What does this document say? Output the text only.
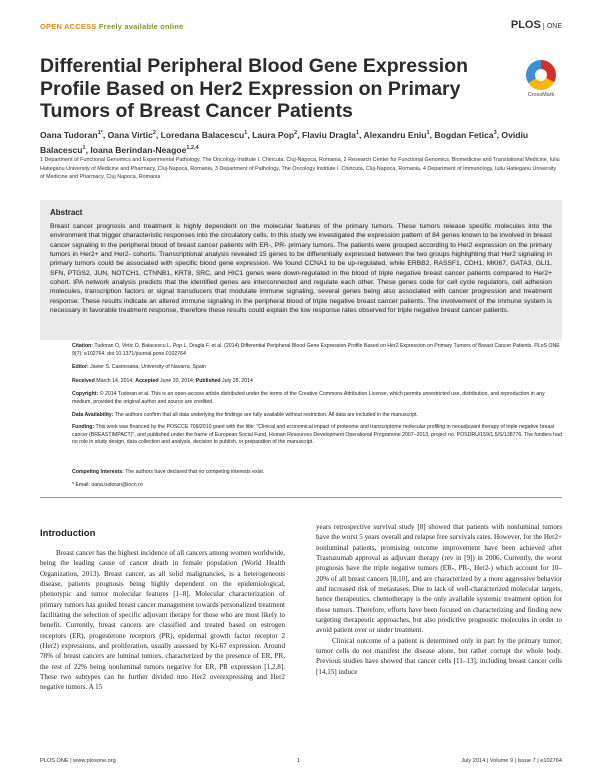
OPEN ACCESS Freely available online	PLOS ONE
Differential Peripheral Blood Gene Expression Profile Based on Her2 Expression on Primary Tumors of Breast Cancer Patients
CrossMark
Oana Tudoran$^{1*}$, Oana Virtic$^2$, Loredana Balacescu$^1$, Laura Pop$^2$, Flaviu Dragla$^1$, Alexandru Eniu$^1$, Bogdan Fetica$^3$, Ovidiu Balacescu$^1$, Ioana Berindan-Neagoe$^{1,2,4}$
1 Department of Functional Genomics and Experimental Pathology, The Oncology Institute I. Chiricuta, Cluj-Napoca, Romania, 2 Research Center for Functional Genomics, Biomedicine and Translational Medicine, Iuliu Hatieganu University of Medicine and Pharmacy, Cluj-Napoca, Romania, 3 Department of Pathology, The Oncology Institute I. Chiricuta, Cluj-Napoca, Romania, 4 Department of Immunology, Iuliu Hatieganu University of Medicine and Pharmacy, Cluj Napoca, Romania
Abstract
Breast cancer prognosis and treatment is highly dependent on the molecular features of the primary tumors. These tumors release specific molecules into the environment that trigger characteristic responses into the circulatory cells. In this study we investigated the expression pattern of 84 genes known to be involved in breast cancer signaling in the peripheral blood of breast cancer patients with ER-, PR- primary tumors. The patients were grouped according to Her2 expression on the primary tumors in Her2+ and Her2- cohorts. Transcriptional analysis revealed 15 genes to be differentially expressed between the two groups highlighting that Her2 signaling in primary tumors could be associated with specific blood gene expression. We found CCNA1 to be up-regulated, while ERBB2, RASSF1, CDH1, MKI67, GATA3, GLI1, SFN, PTGS2, JUN, NOTCH1, CTNNB1, KRT8, SRC, and HIC1 genes were down-regulated in the blood of triple negative breast cancer patients compared to Her2+ cohort. IPA network analysis predicts that the identified genes are interconnected and regulate each other. These genes code for cell cycle regulators, cell adhesion molecules, transcription factors or signal transducers that modulate immune signaling, several genes being also associated with cancer progression and treatment response. These results indicate an altered immune signaling in the peripheral blood of triple negative breast cancer patients. The involvement of the immune system is necessary in favorable treatment response, therefore these results could explain the low response rates observed for triple negative breast cancer patients.
Citation: Tudoran O, Virtic O, Balacescu L, Pop L, Dragla F, et al. (2014) Differential Peripheral Blood Gene Expression Profile Based on Her2 Expression on Primary Tumors of Breast Cancer Patients. PLoS ONE 9(7): e102764. doi:10.1371/journal.pone.0102764
Editor: Javier S. Castresana, University of Navarra, Spain
Received March 14, 2014; Accepted June 20, 2014; Published July 28, 2014
Copyright: © 2014 Tudoran et al. This is an open-access article distributed under the terms of the Creative Commons Attribution License, which permits unrestricted use, distribution, and reproduction in any medium, provided the original author and source are credited.
Data Availability: The authors confirm that all data underlying the findings are fully available without restriction. All data are included in the manuscript.
Funding: This work was financed by the POSCCE 709/2010 grant with the title: "Clinical and economical impact of proteome and transcriptome molecular profiling in neoadjuvant therapy of triple negative breast cancer (BREASTIMPACT)", and published under the frame of European Social Fund, Human Resources Development Operational Programme 2007–2013, project no. POSDRU/159/1.5/S/138776. The funders had no role in study design, data collection and analysis, decision to publish, or preparation of the manuscript.
Competing Interests: The authors have declared that no competing interests exist.
* Email: oana.tudoran@iocn.ro
Introduction

Breast cancer has the highest incidence of all cancers among women worldwide, being the leading cause of cancer death in female population (World Health Organization, 2013). Breast cancer, as all solid malignancies, is a heterogeneous disease, patients prognosis being highly dependent on the epidemiological, phenotypic and tumor molecular features [1–8]. Molecular characterization of primary tumors has guided breast cancer management towards personalized treatment facilitating the selection of specific adjuvant therapy for those who are most likely to benefit. Currently, breast cancers are classified and treated based on estrogen receptors (ER), progesterone receptors (PR), epidermal growth factor receptor 2 (Her2) expressions, and proliferation, usually assessed by Ki-67 expression. Around 78% of breast cancers are luminal tumors, characterized by the presence of ER, PR, the rest of 22% being nonluminal tumors negative for ER, PR expression [1,2,8]. These two subtypes can be further divided into Her2 overexpressing and Her2 negative tumors. A 15

years retrospective survival study [8] showed that patients with nonluminal tumors have the worst 5 years overall and relapse free survivals rates. However, for the Her2+ nonluminal patients, promising outcome improvement have been achieved after Trastuzumab approval as adjuvant therapy (rev in [9]) in 2006. Currently, the worst prognosis have the triple negative tumors (ER-, PR-, Her2-) which account for 10–20% of all breast cancers [8,10], and are characterized by a more aggressive behavior and increased risk of metastases. Due to lack of well-characterized molecular targets, hence therapeutics, chemotherapy is the only available systemic treatment option for these tumors. Therefore, efforts have been focused on characterizing and finding new targeting therapeutic approaches, but also predictive prognostic molecules in order to avoid patient over or under treatment.

Clinical outcome of a patient is determined only in part by the primary tumor; tumor cells do not manifest the disease alone, but rather corrupt the whole body. Previous studies have showed that cancer cells [11–13], including breast cancer cells [14,15] induce

PLOS ONE | www.plosone.org	1	July 2014 | Volume 9 | Issue 7 | e102764
